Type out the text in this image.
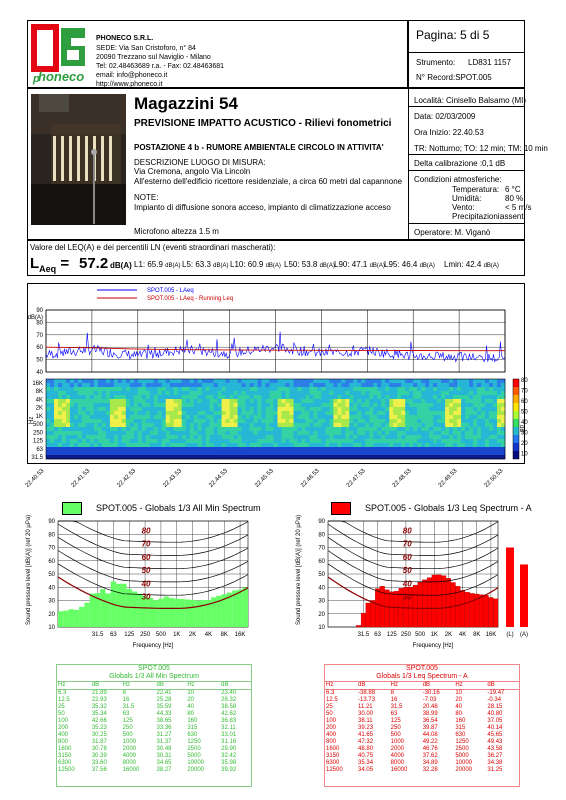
p
honeco
PHONECO S.R.L.
SEDE: Via San Cristoforo, n° 84
20090 Trezzano sul Naviglio - Milano
Tel: 02.48463689 r.a. - Fax: 02.48463681
email: info@phoneco.it
http://www.phoneco.it
Pagina: 5 di 5
Strumento: LD831 1157
N° Record:SPOT.005
Magazzini 54
PREVISIONE IMPATTO ACUSTICO - Rilievi fonometrici
POSTAZIONE 4 b - RUMORE AMBIENTALE CIRCOLO IN ATTIVITA'
DESCRIZIONE LUOGO DI MISURA:
Via Cremona, angolo Via Lincoln
All'esterno dell'edificio ricettore residenziale, a circa 60 metri dal capannone
NOTE:
Impianto di diffusione sonora acceso, impianto di climatizzazione acceso
Microfono altezza 1.5 m
Località: Cinisello Balsamo (MI)
Data: 02/03/2009
Ora Inizio: 22.40.53
TR: Notturno; TO: 12 min; TM: 10 min
Delta calibrazione :0,1 dB
Condizioni atmosferiche:
Temperatura: 6 °C
Umidità:	80 %
Vento:	< 5 m/s
Precipitazioni:
assenti
Operatore: M. Viganò
Valore del LEQ(A) e dei percentili LN (eventi straordinari mascherati):
$L_{Aeq} = 57.2$ dB(A) L1: 65.9 dB(A) L5: 63.3 dB(A) L10: 60.9 dB(A) L50: 53.8 dB(A) L90: 47.1 dB(A) L95: 46.4 dB(A) Lmin: 42.4 dB(A)
SPOT.005 - LAeq
SPOT.005 - LAeq - Running Leq
90
80
70
60
50
40
dB(A)
16K
8K
4K
2K
1K
500
250
125
63
31.5
Hz
80
70
60
50
40
30
20
10
dB
22.40.53	22.41.53	22.42.53	22.43.53	22.44.53	22.45.53	22.46.53	22.47.53	22.48.53	22.49.53	22.50.53
SPOT.005 - Globals 1/3 All Min Spectrum	SPOT.005 - Globals 1/3 Leq Spectrum - A
90
80
70
60
50
40
30
20
10
Sound pressure level [dB(A)] (ref 20 µPa)
31.5 63 125 250 500 1K 2K 4K 8K 16K
Frequency [Hz]
80
70
60
50
40
30
90
80
70
60
50
40
30
20
10
Sound pressure level [dB(A)] (ref 20 µPa)
31.5 63 125 250 500 1K 2K 4K 8K 16K
Frequency [Hz]
80
70
60
50
40
30
(L) (A)
SPOT.005
Globals 1/3 All Min Spectrum
Hz	dB	Hz	dB	Hz	dB
6.3	21.89	8	22.41	10	23.40
12.5	22.93	16	25.28	20	28.32
25	35.32	31.5	35.59	40	38.58
50	35.34	63	44.33	80	42.62
100	42.66	125	38.65	160	36.83
200	35.23	250	33.36	315	32.11
400	30.25	500	31.27	630	33.01
800	31.87	1000	31.37	1250	31.16
1600	30.78	2000	30.48	2500	29.90
3150	30.39	4000	30.31	5000	32.42
6300	33.60	8000	34.65	10000	35.98
12500	37.56	16000	38.27	20000	39.92
SPOT.005
Globals 1/3 Leq Spectrum - A
Hz	dB	Hz	dB	Hz	dB
6.3	-38.88	8	-30.16	10	-19.47
12.5	-13.73	16	-7.03	20	-0.34
25	11.21	31.5	20.48	40	28.15
50	30.00	63	38.99	80	40.80
100	38.11	125	36.54	160	37.05
200	39.23	250	39.87	315	40.14
400	41.65	500	44.08	630	45.65
800	47.32	1000	49.22	1250	49.43
1600	48.80	2000	46.76	2500	43.58
3150	40.75	4000	37.62	5000	36.27
6300	35.34	8000	34.89	10000	34.38
12500	34.05	16000	32.28	20000	31.25
